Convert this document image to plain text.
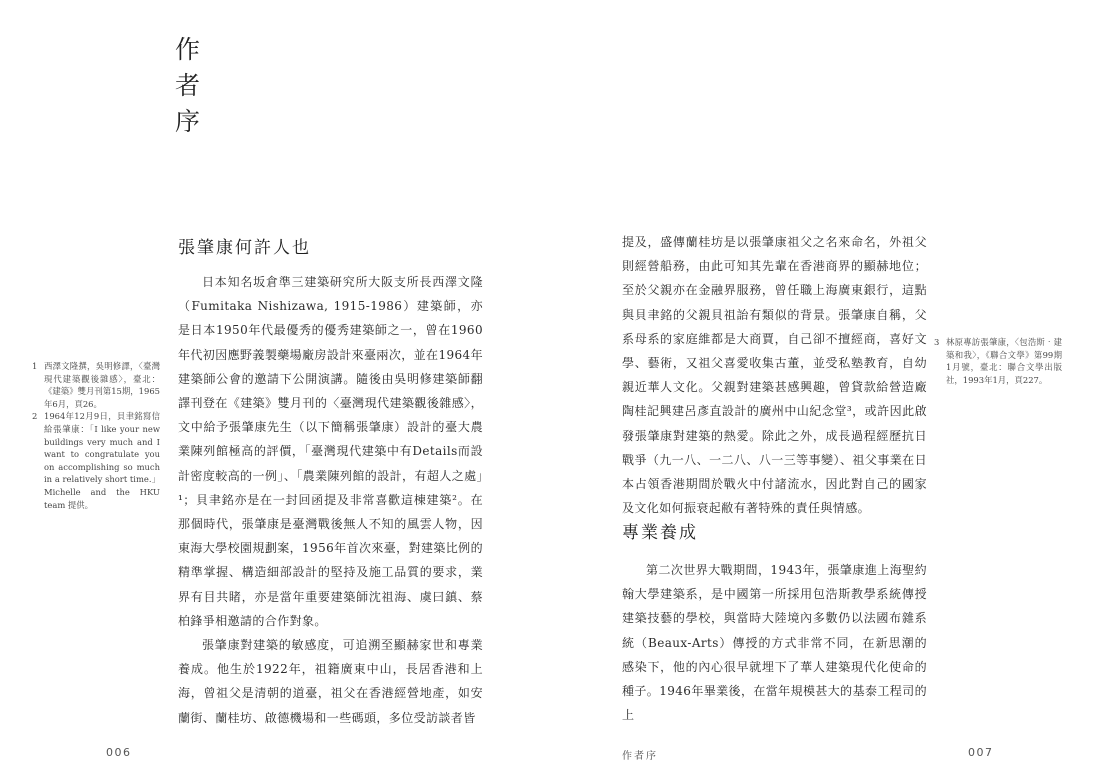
作
者
序
張肇康何許人也

日本知名坂倉準三建築研究所大阪支所長西澤文隆（Fumitaka Nishizawa, 1915-1986）建築師，亦是日本1950年代最優秀的優秀建築師之一，曾在1960年代初因應野義製藥場廠房設計來臺兩次，並在1964年建築師公會的邀請下公開演講。隨後由吳明修建築師翻譯刊登在《建築》雙月刊的〈臺灣現代建築觀後雜感〉，文中給予張肇康先生（以下簡稱張肇康）設計的臺大農業陳列館極高的評價，「臺灣現代建築中有Details而設計密度較高的一例」、「農業陳列館的設計，有超人之處」¹；貝聿銘亦是在一封回函提及非常喜歡這棟建築²。在那個時代，張肇康是臺灣戰後無人不知的風雲人物，因東海大學校園規劃案，1956年首次來臺，對建築比例的精準掌握、構造細部設計的堅持及施工品質的要求，業界有目共睹，亦是當年重要建築師沈祖海、虞曰鎮、蔡柏鋒爭相邀請的合作對象。

張肇康對建築的敏感度，可追溯至顯赫家世和專業養成。他生於1922年，祖籍廣東中山，長居香港和上海，曾祖父是清朝的道臺，祖父在香港經營地產，如安蘭街、蘭桂坊、啟德機場和一些碼頭，多位受訪談者皆

1 西澤文隆撰，吳明修譯，〈臺灣現代建築觀後雜感〉，臺北：《建築》雙月刊第15期，1965年6月，頁26。
2 1964年12月9日，貝聿銘寫信給張肇康：「I like your new buildings very much and I want to congratulate you on accomplishing so much in a relatively short time.」Michelle and the HKU team 提供。
006

提及，盛傳蘭桂坊是以張肇康祖父之名來命名，外祖父則經營船務，由此可知其先輩在香港商界的顯赫地位；至於父親亦在金融界服務，曾任職上海廣東銀行，這點與貝聿銘的父親貝祖詒有類似的背景。張肇康自稱，父系母系的家庭維都是大商賈，自己卻不擅經商，喜好文學、藝術，又祖父喜愛收集古董，並受私塾教育，自幼親近華人文化。父親對建築甚感興趣，曾貸款給營造廠陶桂記興建呂彥直設計的廣州中山紀念堂³，或許因此啟發張肇康對建築的熱愛。除此之外，成長過程經歷抗日戰爭（九一八、一二八、八一三等事變）、祖父事業在日本占領香港期間於戰火中付諸流水，因此對自己的國家及文化如何振衰起敝有著特殊的責任與情感。

專業養成

第二次世界大戰期間，1943年，張肇康進上海聖約翰大學建築系，是中國第一所採用包浩斯教學系統傳授建築技藝的學校，與當時大陸境內多數仍以法國布雜系統（Beaux-Arts）傳授的方式非常不同，在新思潮的感染下，他的內心很早就埋下了華人建築現代化使命的種子。1946年畢業後，在當年規模甚大的基泰工程司的上

3 林原專訪張肇康，〈包浩斯‧建築和我〉，《聯合文學》第99期1月號，臺北：聯合文學出版社，1993年1月，頁227。
作者序	007
